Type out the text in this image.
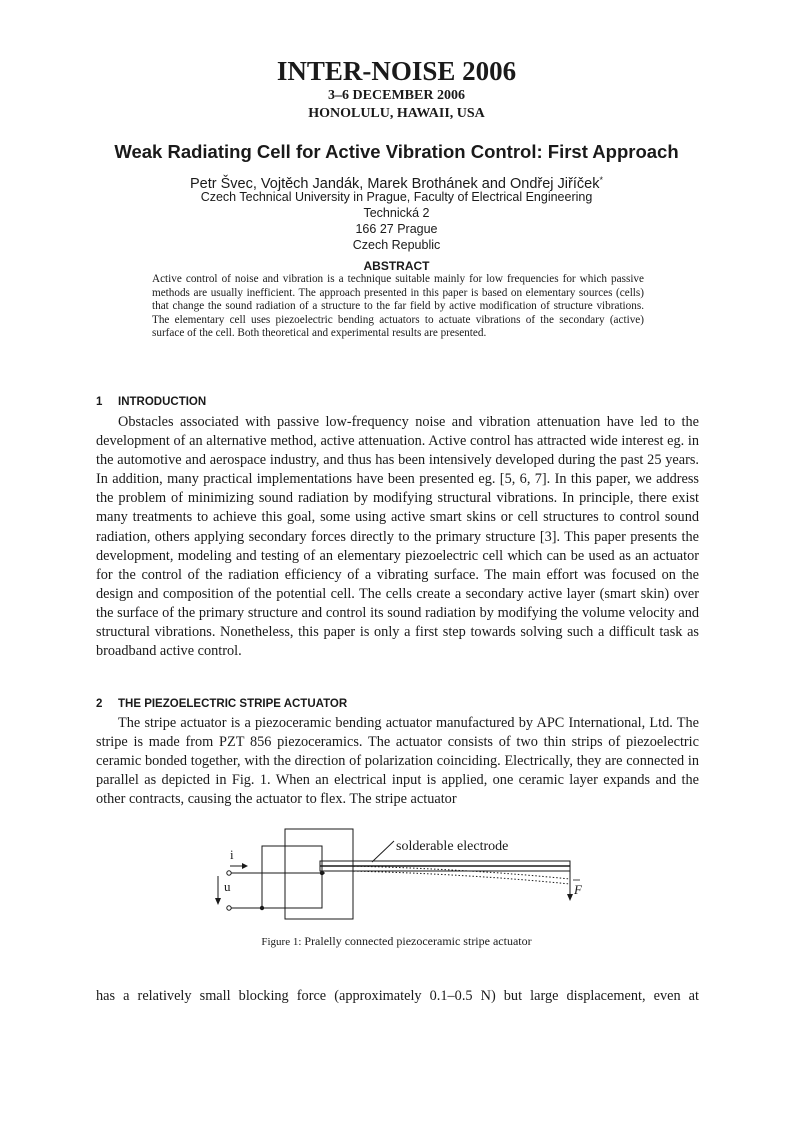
INTER-NOISE 2006
3–6 DECEMBER 2006
HONOLULU, HAWAII, USA
Weak Radiating Cell for Active Vibration Control: First Approach
Petr Švec, Vojtěch Jandák, Marek Brothánek and Ondřej Jiříček*
Czech Technical University in Prague, Faculty of Electrical Engineering
Technická 2
166 27 Prague
Czech Republic
ABSTRACT
Active control of noise and vibration is a technique suitable mainly for low frequencies for which passive methods are usually inefficient. The approach presented in this paper is based on elementary sources (cells) that change the sound radiation of a structure to the far field by active modification of structure vibrations. The elementary cell uses piezoelectric bending actuators to actuate vibrations of the secondary (active) surface of the cell. Both theoretical and experimental results are presented.
1 INTRODUCTION

Obstacles associated with passive low-frequency noise and vibration attenuation have led to the development of an alternative method, active attenuation. Active control has attracted wide interest eg. in the automotive and aerospace industry, and thus has been intensively developed during the past 25 years. In addition, many practical implementations have been presented eg. [5, 6, 7]. In this paper, we address the problem of minimizing sound radiation by modifying structural vibrations. In principle, there exist many treatments to achieve this goal, some using active smart skins or cell structures to control sound radiation, others applying secondary forces directly to the primary structure [3]. This paper presents the development, modeling and testing of an elementary piezoelectric cell which can be used as an actuator for the control of the radiation efficiency of a vibrating surface. The main effort was focused on the design and composition of the potential cell. The cells create a secondary active layer (smart skin) over the surface of the primary structure and control its sound radiation by modifying the volume velocity and structural vibrations. Nonetheless, this paper is only a first step towards solving such a difficult task as broadband active control.

2 THE PIEZOELECTRIC STRIPE ACTUATOR

The stripe actuator is a piezoceramic bending actuator manufactured by APC International, Ltd. The stripe is made from PZT 856 piezoceramics. The actuator consists of two thin strips of piezoelectric ceramic bonded together, with the direction of polarization coinciding. Electrically, they are connected in parallel as depicted in Fig. 1. When an electrical input is applied, one ceramic layer expands and the other contracts, causing the actuator to flex. The stripe actuator

i
u
solderable electrode
F
Figure 1: Pralelly connected piezoceramic stripe actuator
has a relatively small blocking force (approximately 0.1–0.5 N) but large displacement, even at
